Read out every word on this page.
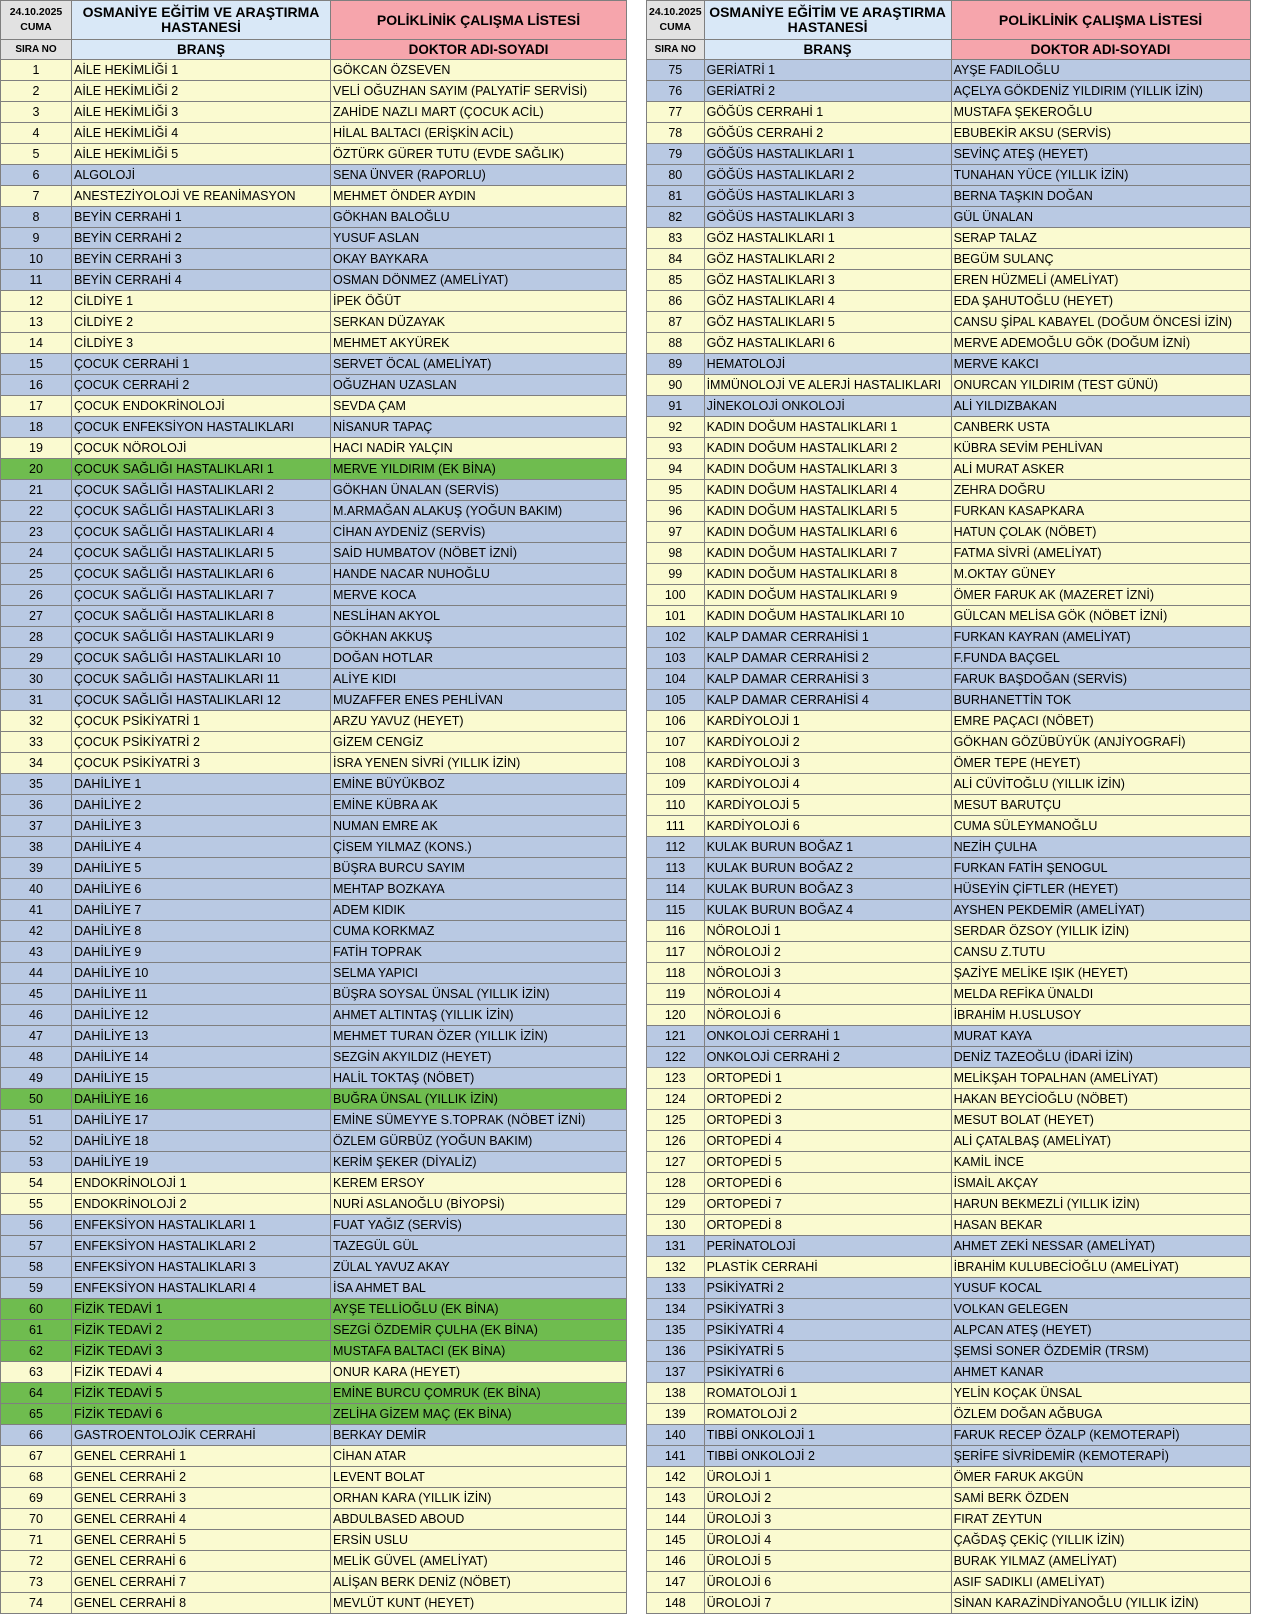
24.10.2025
CUMA	OSMANİYE EĞİTİM VE ARAŞTIRMA HASTANESİ	POLİKLİNİK ÇALIŞMA LİSTESİ
SIRA NO	BRANŞ	DOKTOR ADI-SOYADI
1	AİLE HEKİMLİĞİ 1	GÖKCAN ÖZSEVEN
2	AİLE HEKİMLİĞİ 2	VELİ OĞUZHAN SAYIM (PALYATİF SERVİSİ)
3	AİLE HEKİMLİĞİ 3	ZAHİDE NAZLI MART (ÇOCUK ACİL)
4	AİLE HEKİMLİĞİ 4	HİLAL BALTACI (ERİŞKİN ACİL)
5	AİLE HEKİMLİĞİ 5	ÖZTÜRK GÜRER TUTU (EVDE SAĞLIK)
6	ALGOLOJİ	SENA ÜNVER (RAPORLU)
7	ANESTEZİYOLOJİ VE REANİMASYON	MEHMET ÖNDER AYDIN
8	BEYİN CERRAHİ 1	GÖKHAN BALOĞLU
9	BEYİN CERRAHİ 2	YUSUF ASLAN
10	BEYİN CERRAHİ 3	OKAY BAYKARA
11	BEYİN CERRAHİ 4	OSMAN DÖNMEZ (AMELİYAT)
12	CİLDİYE 1	İPEK ÖĞÜT
13	CİLDİYE 2	SERKAN DÜZAYAK
14	CİLDİYE 3	MEHMET AKYÜREK
15	ÇOCUK CERRAHİ 1	SERVET ÖCAL (AMELİYAT)
16	ÇOCUK CERRAHİ 2	OĞUZHAN UZASLAN
17	ÇOCUK ENDOKRİNOLOJİ	SEVDA ÇAM
18	ÇOCUK ENFEKSİYON HASTALIKLARI	NİSANUR TAPAÇ
19	ÇOCUK NÖROLOJİ	HACI NADİR YALÇIN
20	ÇOCUK SAĞLIĞI HASTALIKLARI 1	MERVE YILDIRIM (EK BİNA)
21	ÇOCUK SAĞLIĞI HASTALIKLARI 2	GÖKHAN ÜNALAN (SERVİS)
22	ÇOCUK SAĞLIĞI HASTALIKLARI 3	M.ARMAĞAN ALAKUŞ (YOĞUN BAKIM)
23	ÇOCUK SAĞLIĞI HASTALIKLARI 4	CİHAN AYDENİZ (SERVİS)
24	ÇOCUK SAĞLIĞI HASTALIKLARI 5	SAİD HUMBATOV (NÖBET İZNİ)
25	ÇOCUK SAĞLIĞI HASTALIKLARI 6	HANDE NACAR NUHOĞLU
26	ÇOCUK SAĞLIĞI HASTALIKLARI 7	MERVE KOCA
27	ÇOCUK SAĞLIĞI HASTALIKLARI 8	NESLİHAN AKYOL
28	ÇOCUK SAĞLIĞI HASTALIKLARI 9	GÖKHAN AKKUŞ
29	ÇOCUK SAĞLIĞI HASTALIKLARI 10	DOĞAN HOTLAR
30	ÇOCUK SAĞLIĞI HASTALIKLARI 11	ALİYE KIDI
31	ÇOCUK SAĞLIĞI HASTALIKLARI 12	MUZAFFER ENES PEHLİVAN
32	ÇOCUK PSİKİYATRİ 1	ARZU YAVUZ (HEYET)
33	ÇOCUK PSİKİYATRİ 2	GİZEM CENGİZ
34	ÇOCUK PSİKİYATRİ 3	İSRA YENEN SİVRİ (YILLIK İZİN)
35	DAHİLİYE 1	EMİNE BÜYÜKBOZ
36	DAHİLİYE 2	EMİNE KÜBRA AK
37	DAHİLİYE 3	NUMAN EMRE AK
38	DAHİLİYE 4	ÇİSEM YILMAZ (KONS.)
39	DAHİLİYE 5	BÜŞRA BURCU SAYIM
40	DAHİLİYE 6	MEHTAP BOZKAYA
41	DAHİLİYE 7	ADEM KIDIK
42	DAHİLİYE 8	CUMA KORKMAZ
43	DAHİLİYE 9	FATİH TOPRAK
44	DAHİLİYE 10	SELMA YAPICI
45	DAHİLİYE 11	BÜŞRA SOYSAL ÜNSAL (YILLIK İZİN)
46	DAHİLİYE 12	AHMET ALTINTAŞ (YILLIK İZİN)
47	DAHİLİYE 13	MEHMET TURAN ÖZER (YILLIK İZİN)
48	DAHİLİYE 14	SEZGİN AKYILDIZ (HEYET)
49	DAHİLİYE 15	HALİL TOKTAŞ (NÖBET)
50	DAHİLİYE 16	BUĞRA ÜNSAL (YILLIK İZİN)
51	DAHİLİYE 17	EMİNE SÜMEYYE S.TOPRAK (NÖBET İZNİ)
52	DAHİLİYE 18	ÖZLEM GÜRBÜZ (YOĞUN BAKIM)
53	DAHİLİYE 19	KERİM ŞEKER (DİYALİZ)
54	ENDOKRİNOLOJİ 1	KEREM ERSOY
55	ENDOKRİNOLOJİ 2	NURİ ASLANOĞLU (BİYOPSİ)
56	ENFEKSİYON HASTALIKLARI 1	FUAT YAĞIZ (SERVİS)
57	ENFEKSİYON HASTALIKLARI 2	TAZEGÜL GÜL
58	ENFEKSİYON HASTALIKLARI 3	ZÜLAL YAVUZ AKAY
59	ENFEKSİYON HASTALIKLARI 4	İSA AHMET BAL
60	FİZİK TEDAVİ 1	AYŞE TELLİOĞLU (EK BİNA)
61	FİZİK TEDAVİ 2	SEZGİ ÖZDEMİR ÇULHA (EK BİNA)
62	FİZİK TEDAVİ 3	MUSTAFA BALTACI (EK BİNA)
63	FİZİK TEDAVİ 4	ONUR KARA (HEYET)
64	FİZİK TEDAVİ 5	EMİNE BURCU ÇOMRUK (EK BİNA)
65	FİZİK TEDAVİ 6	ZELİHA GİZEM MAÇ (EK BİNA)
66	GASTROENTOLOJİK CERRAHİ	BERKAY DEMİR
67	GENEL CERRAHİ 1	CİHAN ATAR
68	GENEL CERRAHİ 2	LEVENT BOLAT
69	GENEL CERRAHİ 3	ORHAN KARA (YILLIK İZİN)
70	GENEL CERRAHİ 4	ABDULBASED ABOUD
71	GENEL CERRAHİ 5	ERSİN USLU
72	GENEL CERRAHİ 6	MELİK GÜVEL (AMELİYAT)
73	GENEL CERRAHİ 7	ALİŞAN BERK DENİZ (NÖBET)
74	GENEL CERRAHİ 8	MEVLÜT KUNT (HEYET)
24.10.2025
CUMA	OSMANİYE EĞİTİM VE ARAŞTIRMA HASTANESİ	POLİKLİNİK ÇALIŞMA LİSTESİ
SIRA NO	BRANŞ	DOKTOR ADI-SOYADI
75	GERİATRİ 1	AYŞE FADILOĞLU
76	GERİATRİ 2	AÇELYA GÖKDENİZ YILDIRIM (YILLIK İZİN)
77	GÖĞÜS CERRAHİ 1	MUSTAFA ŞEKEROĞLU
78	GÖĞÜS CERRAHİ 2	EBUBEKİR AKSU (SERVİS)
79	GÖĞÜS HASTALIKLARI 1	SEVİNÇ ATEŞ (HEYET)
80	GÖĞÜS HASTALIKLARI 2	TUNAHAN YÜCE (YILLIK İZİN)
81	GÖĞÜS HASTALIKLARI 3	BERNA TAŞKIN DOĞAN
82	GÖĞÜS HASTALIKLARI 3	GÜL ÜNALAN
83	GÖZ HASTALIKLARI 1	SERAP TALAZ
84	GÖZ HASTALIKLARI 2	BEGÜM SULANÇ
85	GÖZ HASTALIKLARI 3	EREN HÜZMELİ (AMELİYAT)
86	GÖZ HASTALIKLARI 4	EDA ŞAHUTOĞLU (HEYET)
87	GÖZ HASTALIKLARI 5	CANSU ŞİPAL KABAYEL (DOĞUM ÖNCESİ İZİN)
88	GÖZ HASTALIKLARI 6	MERVE ADEMOĞLU GÖK (DOĞUM İZNİ)
89	HEMATOLOJİ	MERVE KAKCI
90	İMMÜNOLOJİ VE ALERJİ HASTALIKLARI	ONURCAN YILDIRIM (TEST GÜNÜ)
91	JİNEKOLOJİ ONKOLOJİ	ALİ YILDIZBAKAN
92	KADIN DOĞUM HASTALIKLARI 1	CANBERK USTA
93	KADIN DOĞUM HASTALIKLARI 2	KÜBRA SEVİM PEHLİVAN
94	KADIN DOĞUM HASTALIKLARI 3	ALİ MURAT ASKER
95	KADIN DOĞUM HASTALIKLARI 4	ZEHRA DOĞRU
96	KADIN DOĞUM HASTALIKLARI 5	FURKAN KASAPKARA
97	KADIN DOĞUM HASTALIKLARI 6	HATUN ÇOLAK (NÖBET)
98	KADIN DOĞUM HASTALIKLARI 7	FATMA SİVRİ (AMELİYAT)
99	KADIN DOĞUM HASTALIKLARI 8	M.OKTAY GÜNEY
100	KADIN DOĞUM HASTALIKLARI 9	ÖMER FARUK AK (MAZERET İZNİ)
101	KADIN DOĞUM HASTALIKLARI 10	GÜLCAN MELİSA GÖK (NÖBET İZNİ)
102	KALP DAMAR CERRAHİSİ 1	FURKAN KAYRAN (AMELİYAT)
103	KALP DAMAR CERRAHİSİ 2	F.FUNDA BAÇGEL
104	KALP DAMAR CERRAHİSİ 3	FARUK BAŞDOĞAN (SERVİS)
105	KALP DAMAR CERRAHİSİ 4	BURHANETTİN TOK
106	KARDİYOLOJİ 1	EMRE PAÇACI (NÖBET)
107	KARDİYOLOJİ 2	GÖKHAN GÖZÜBÜYÜK (ANJİYOGRAFİ)
108	KARDİYOLOJİ 3	ÖMER TEPE (HEYET)
109	KARDİYOLOJİ 4	ALİ CÜVİTOĞLU (YILLIK İZİN)
110	KARDİYOLOJİ 5	MESUT BARUTÇU
111	KARDİYOLOJİ 6	CUMA SÜLEYMANOĞLU
112	KULAK BURUN BOĞAZ 1	NEZİH ÇULHA
113	KULAK BURUN BOĞAZ 2	FURKAN FATİH ŞENOGUL
114	KULAK BURUN BOĞAZ 3	HÜSEYİN ÇİFTLER (HEYET)
115	KULAK BURUN BOĞAZ 4	AYSHEN PEKDEMİR (AMELİYAT)
116	NÖROLOJİ 1	SERDAR ÖZSOY (YILLIK İZİN)
117	NÖROLOJİ 2	CANSU Z.TUTU
118	NÖROLOJİ 3	ŞAZİYE MELİKE IŞIK (HEYET)
119	NÖROLOJİ 4	MELDA REFİKA ÜNALDI
120	NÖROLOJİ 6	İBRAHİM H.USLUSOY
121	ONKOLOJİ CERRAHİ 1	MURAT KAYA
122	ONKOLOJİ CERRAHİ 2	DENİZ TAZEOĞLU (İDARİ İZİN)
123	ORTOPEDİ 1	MELİKŞAH TOPALHAN (AMELİYAT)
124	ORTOPEDİ 2	HAKAN BEYCİOĞLU (NÖBET)
125	ORTOPEDİ 3	MESUT BOLAT (HEYET)
126	ORTOPEDİ 4	ALİ ÇATALBAŞ (AMELİYAT)
127	ORTOPEDİ 5	KAMİL İNCE
128	ORTOPEDİ 6	İSMAİL AKÇAY
129	ORTOPEDİ 7	HARUN BEKMEZLİ (YILLIK İZİN)
130	ORTOPEDİ 8	HASAN BEKAR
131	PERİNATOLOJİ	AHMET ZEKİ NESSAR (AMELİYAT)
132	PLASTİK CERRAHİ	İBRAHİM KULUBECİOĞLU (AMELİYAT)
133	PSİKİYATRİ 2	YUSUF KOCAL
134	PSİKİYATRİ 3	VOLKAN GELEGEN
135	PSİKİYATRİ 4	ALPCAN ATEŞ (HEYET)
136	PSİKİYATRİ 5	ŞEMSİ SONER ÖZDEMİR (TRSM)
137	PSİKİYATRİ 6	AHMET KANAR
138	ROMATOLOJİ 1	YELİN KOÇAK ÜNSAL
139	ROMATOLOJİ 2	ÖZLEM DOĞAN AĞBUGA
140	TIBBİ ONKOLOJİ 1	FARUK RECEP ÖZALP (KEMOTERAPİ)
141	TIBBİ ONKOLOJİ 2	ŞERİFE SİVRİDEMİR (KEMOTERAPİ)
142	ÜROLOJİ 1	ÖMER FARUK AKGÜN
143	ÜROLOJİ 2	SAMİ BERK ÖZDEN
144	ÜROLOJİ 3	FIRAT ZEYTUN
145	ÜROLOJİ 4	ÇAĞDAŞ ÇEKİÇ (YILLIK İZİN)
146	ÜROLOJİ 5	BURAK YILMAZ (AMELİYAT)
147	ÜROLOJİ 6	ASIF SADIKLI (AMELİYAT)
148	ÜROLOJİ 7	SİNAN KARAZİNDİYANOĞLU (YILLIK İZİN)
